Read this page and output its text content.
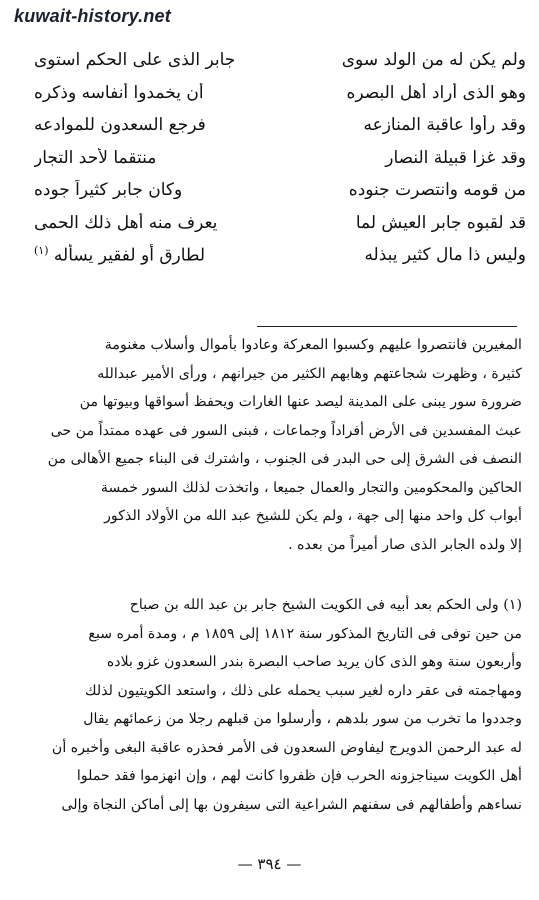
kuwait-history.net
ولم يكن له من الولد سوى
جابر الذى على الحكم استوى
وهو الذى أراد أهل البصره
أن يخمدوا أنفاسه وذكره
وقد رأوا عاقبة المنازعه
فرجع السعدون للموادعه
وقد غزا قبيلة النصار
منتقما لأحد التجار
من قومه وانتصرت جنوده
وكان جابر كثيراً جوده
قد لقبوه جابر العيش لما
يعرف منه أهل ذلك الحمى
وليس ذا مال كثير يبذله
لطارق أو لفقير يسأله $^{(١)}$
المغيرين فانتصروا عليهم وكسبوا المعركة وعادوا بأموال وأسلاب مغنومة
كثيرة ، وظهرت شجاعتهم وهابهم الكثير من جيرانهم ، ورأى الأمير عبدالله
ضرورة سور يبنى على المدينة ليصد عنها الغارات ويحفظ أسواقها وبيوتها من
عبث المفسدين فى الأرض أفراداً وجماعات ، فبنى السور فى عهده ممتداً من حى
النصف فى الشرق إلى حى البدر فى الجنوب ، واشترك فى البناء جميع الأهالى من
الحاكين والمحكومين والتجار والعمال جميعا ، واتخذت لذلك السور خمسة
أبواب كل واحد منها إلى جهة ، ولم يكن للشيخ عبد الله من الأولاد الذكور
إلا ولده الجابر الذى صار أميراً من بعده .
(١) ولى الحكم بعد أبيه فى الكويت الشيخ جابر بن عبد الله بن صباح
من حين توفى فى التاريخ المذكور سنة ١٨١٢ إلى ١٨٥٩ م ، ومدة أمره سبع
وأربعون سنة وهو الذى كان يريد صاحب البصرة بندر السعدون غزو بلاده
ومهاجمته فى عقر داره لغير سبب يحمله على ذلك ، واستعد الكويتيون لذلك
وجددوا ما تخرب من سور بلدهم ، وأرسلوا من قبلهم رجلا من زعمائهم يقال
له عبد الرحمن الدويرج ليفاوض السعدون فى الأمر فحذره عاقبة البغى وأخبره أن
أهل الكويت سيناجزونه الحرب فإن ظفروا كانت لهم ، وإن انهزموا فقد حملوا
نساءهم وأطفالهم فى سفنهم الشراعية التى سيفرون بها إلى أماكن النجاة وإلى
— ٣٩٤ —
